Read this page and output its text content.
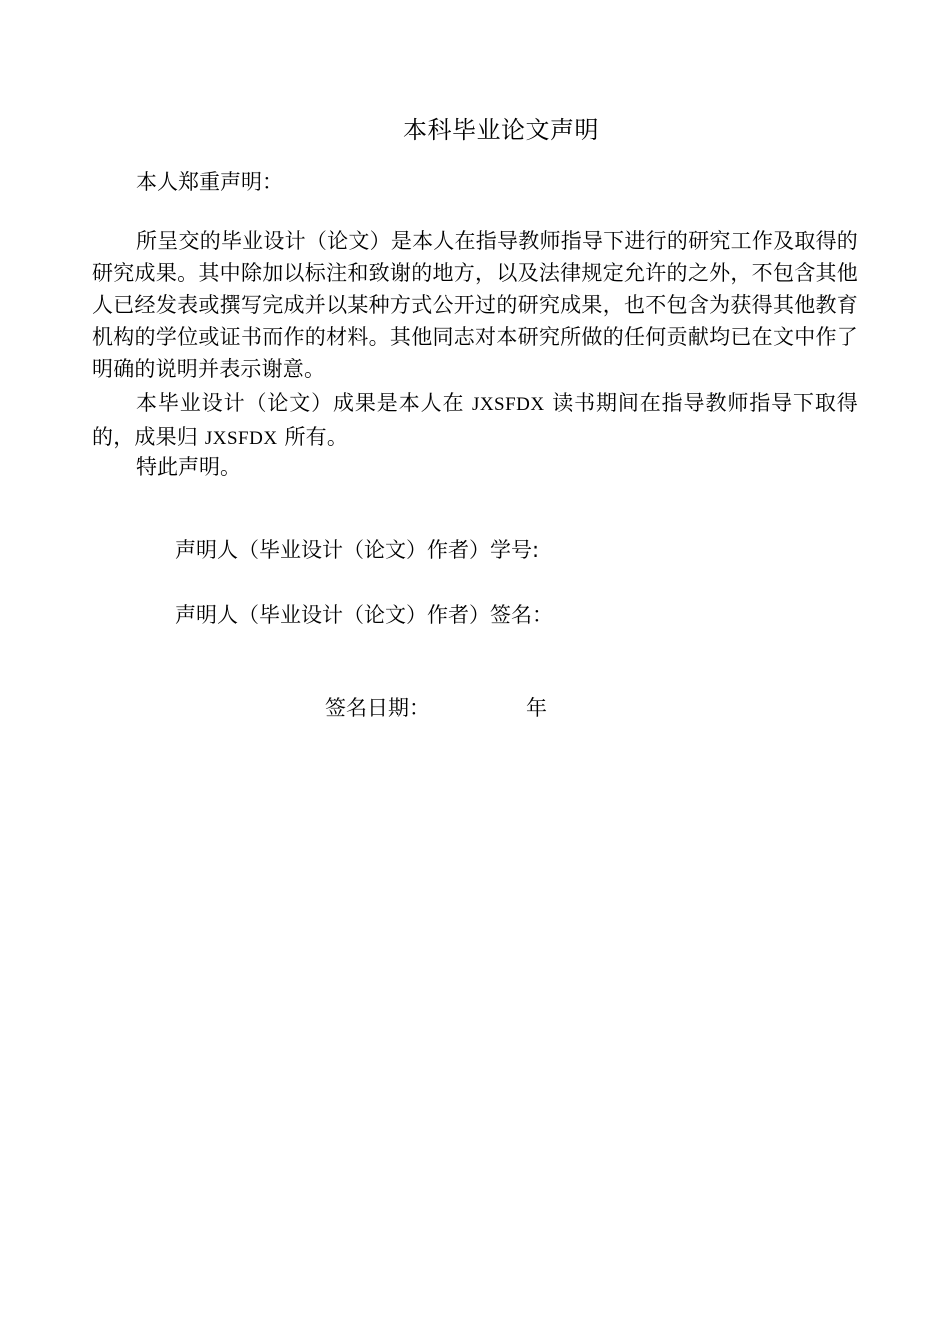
本科毕业论文声明
本人郑重声明：
所呈交的毕业设计（论文）是本人在指导教师指导下进行的研究工作及取得的研究成果。其中除加以标注和致谢的地方，以及法律规定允许的之外，不包含其他人已经发表或撰写完成并以某种方式公开过的研究成果，也不包含为获得其他教育机构的学位或证书而作的材料。其他同志对本研究所做的任何贡献均已在文中作了明确的说明并表示谢意。
本毕业设计（论文）成果是本人在 JXSFDX 读书期间在指导教师指导下取得的，成果归 JXSFDX 所有。
特此声明。
声明人（毕业设计（论文）作者）学号:
声明人（毕业设计（论文）作者）签名：
签名日期：	年
